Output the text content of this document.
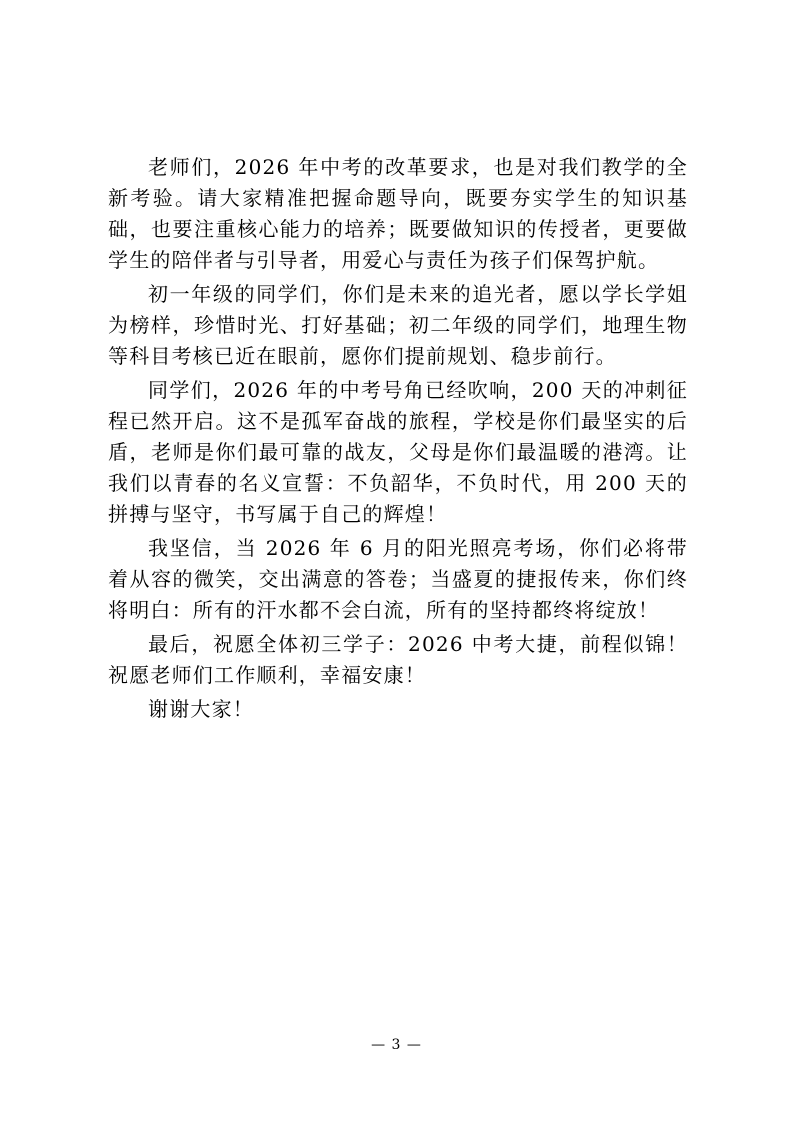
老师们，2026 年中考的改革要求，也是对我们教学的全新考验。请大家精准把握命题导向，既要夯实学生的知识基础，也要注重核心能力的培养；既要做知识的传授者，更要做学生的陪伴者与引导者，用爱心与责任为孩子们保驾护航。

初一年级的同学们，你们是未来的追光者，愿以学长学姐为榜样，珍惜时光、打好基础；初二年级的同学们，地理生物等科目考核已近在眼前，愿你们提前规划、稳步前行。

同学们，2026 年的中考号角已经吹响，200 天的冲刺征程已然开启。这不是孤军奋战的旅程，学校是你们最坚实的后盾，老师是你们最可靠的战友，父母是你们最温暖的港湾。让我们以青春的名义宣誓：不负韶华，不负时代，用 200 天的拼搏与坚守，书写属于自己的辉煌！

我坚信，当 2026 年 6 月的阳光照亮考场，你们必将带着从容的微笑，交出满意的答卷；当盛夏的捷报传来，你们终将明白：所有的汗水都不会白流，所有的坚持都终将绽放！

最后，祝愿全体初三学子：2026 中考大捷，前程似锦！祝愿老师们工作顺利，幸福安康！

谢谢大家！

— 3 —
